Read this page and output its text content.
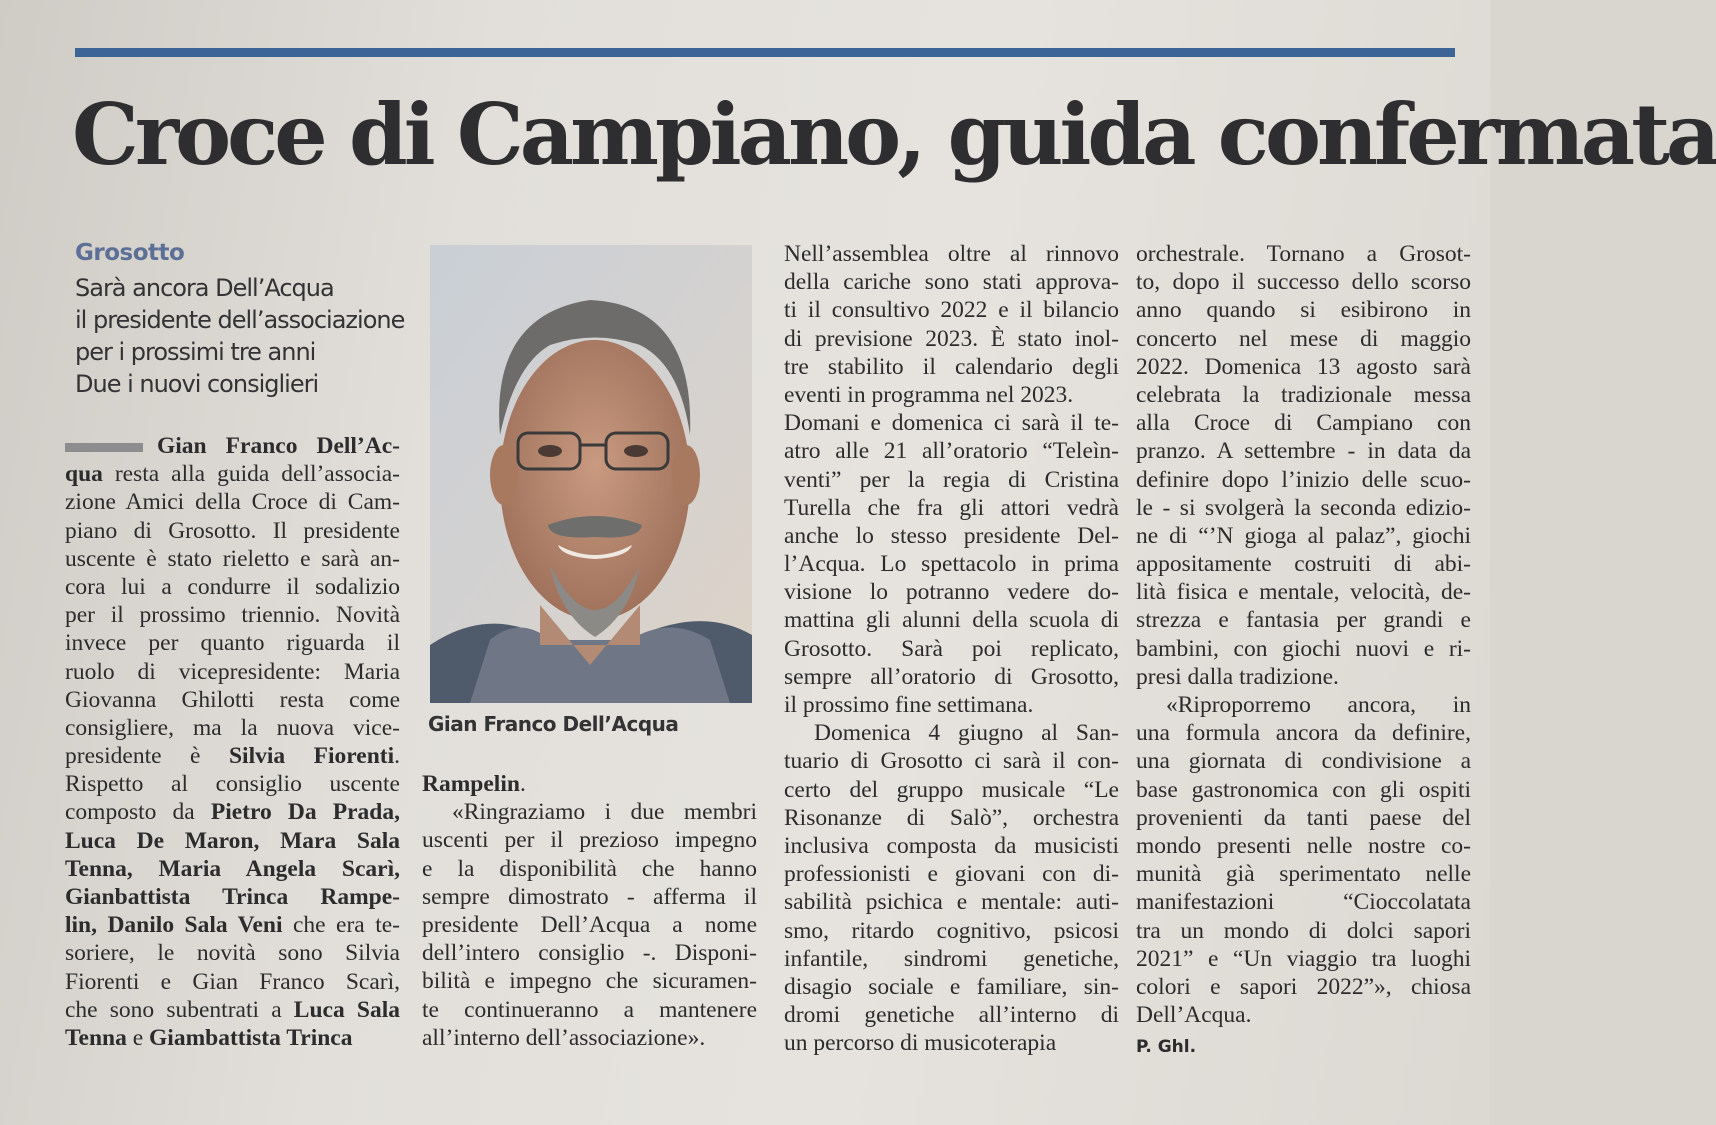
Croce di Campiano, guida confermata
Grosotto
Sarà ancora Dell’Acqua
il presidente dell’associazione
per i prossimi tre anni
Due i nuovi consiglieri
Gian Franco Dell’Acqua
Gian Franco Dell’Ac-
qua resta alla guida dell’associa-
zione Amici della Croce di Cam-
piano di Grosotto. Il presidente
uscente è stato rieletto e sarà an-
cora lui a condurre il sodalizio
per il prossimo triennio. Novità
invece per quanto riguarda il
ruolo di vicepresidente: Maria
Giovanna Ghilotti resta come
consigliere, ma la nuova vice-
presidente è Silvia Fiorenti.
Rispetto al consiglio uscente
composto da Pietro Da Prada,
Luca De Maron, Mara Sala
Tenna, Maria Angela Scarì,
Gianbattista Trinca Rampe-
lin, Danilo Sala Veni che era te-
soriere, le novità sono Silvia
Fiorenti e Gian Franco Scarì,
che sono subentrati a Luca Sala
Tenna e Giambattista Trinca
Rampelin.
«Ringraziamo i due membri
uscenti per il prezioso impegno
e la disponibilità che hanno
sempre dimostrato - afferma il
presidente Dell’Acqua a nome
dell’intero consiglio -. Disponi-
bilità e impegno che sicuramen-
te continueranno a mantenere
all’interno dell’associazione».
Nell’assemblea oltre al rinnovo
della cariche sono stati approva-
ti il consultivo 2022 e il bilancio
di previsione 2023. È stato inol-
tre stabilito il calendario degli
eventi in programma nel 2023.
Domani e domenica ci sarà il te-
atro alle 21 all’oratorio “Teleìn-
venti” per la regia di Cristina
Turella che fra gli attori vedrà
anche lo stesso presidente Del-
l’Acqua. Lo spettacolo in prima
visione lo potranno vedere do-
mattina gli alunni della scuola di
Grosotto. Sarà poi replicato,
sempre all’oratorio di Grosotto,
il prossimo fine settimana.
Domenica 4 giugno al San-
tuario di Grosotto ci sarà il con-
certo del gruppo musicale “Le
Risonanze di Salò”, orchestra
inclusiva composta da musicisti
professionisti e giovani con di-
sabilità psichica e mentale: auti-
smo, ritardo cognitivo, psicosi
infantile, sindromi genetiche,
disagio sociale e familiare, sin-
dromi genetiche all’interno di
un percorso di musicoterapia
orchestrale. Tornano a Grosot-
to, dopo il successo dello scorso
anno quando si esibirono in
concerto nel mese di maggio
2022. Domenica 13 agosto sarà
celebrata la tradizionale messa
alla Croce di Campiano con
pranzo. A settembre - in data da
definire dopo l’inizio delle scuo-
le - si svolgerà la seconda edizio-
ne di “’N gioga al palaz”, giochi
appositamente costruiti di abi-
lità fisica e mentale, velocità, de-
strezza e fantasia per grandi e
bambini, con giochi nuovi e ri-
presi dalla tradizione.
«Riproporremo ancora, in
una formula ancora da definire,
una giornata di condivisione a
base gastronomica con gli ospiti
provenienti da tanti paese del
mondo presenti nelle nostre co-
munità già sperimentato nelle
manifestazioni “Cioccolatata
tra un mondo di dolci sapori
2021” e “Un viaggio tra luoghi
colori e sapori 2022”», chiosa
Dell’Acqua.
P. Ghl.
